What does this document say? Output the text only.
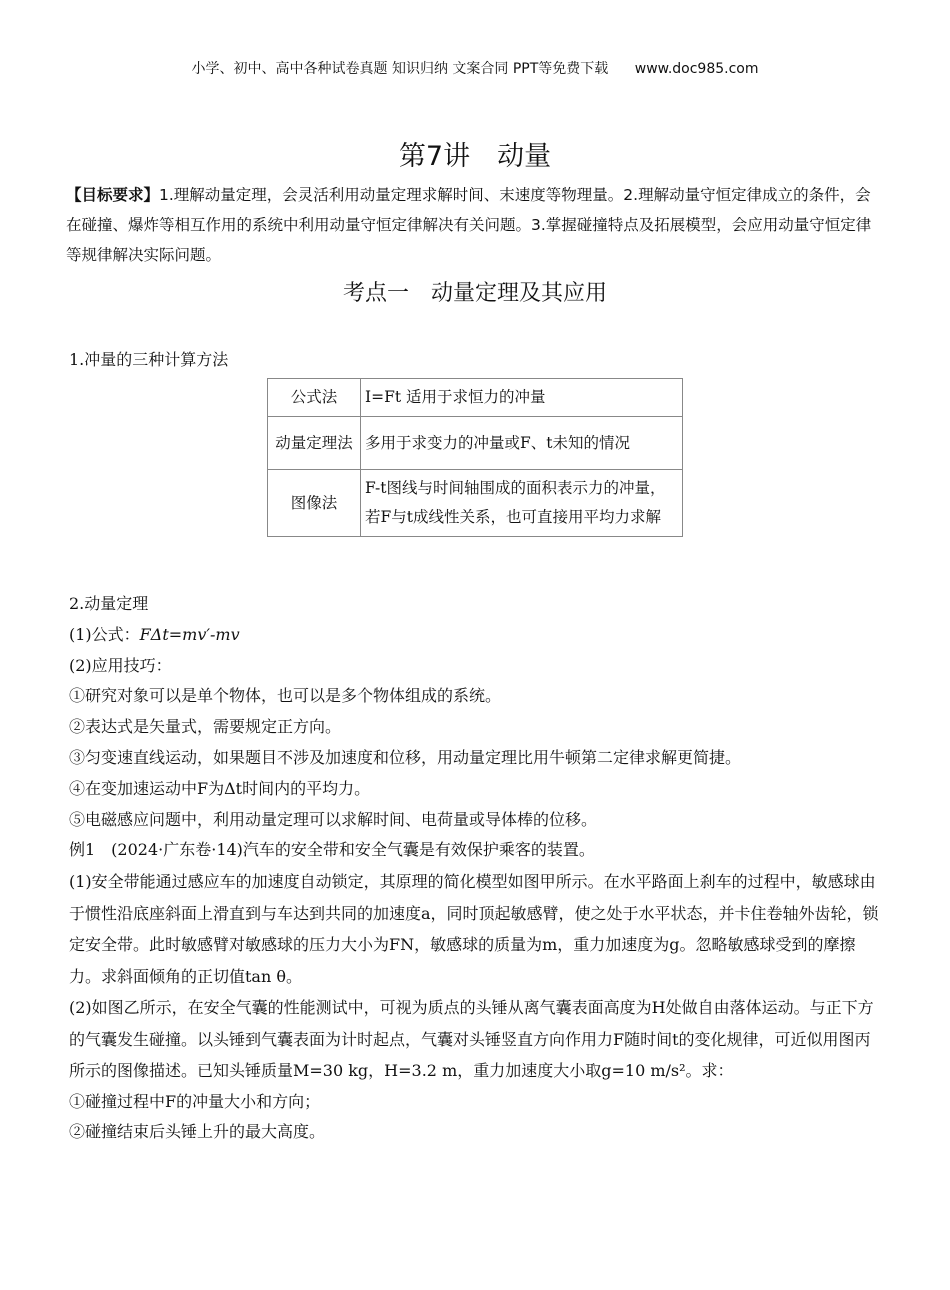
小学、初中、高中各种试卷真题 知识归纳 文案合同 PPT等免费下载 www.doc985.com
第7讲　动量
【目标要求】1.理解动量定理，会灵活利用动量定理求解时间、末速度等物理量。2.理解动量守恒定律成立的条件，会在碰撞、爆炸等相互作用的系统中利用动量守恒定律解决有关问题。3.掌握碰撞特点及拓展模型，会应用动量守恒定律等规律解决实际问题。
考点一　动量定理及其应用
1.冲量的三种计算方法
公式法	I=Ft 适用于求恒力的冲量
动量定理法	多用于求变力的冲量或F、t未知的情况
图像法	F-t图线与时间轴围成的面积表示力的冲量，若F与t成线性关系，也可直接用平均力求解

2.动量定理

(1)公式：FΔt=mv′-mv

(2)应用技巧：

①研究对象可以是单个物体，也可以是多个物体组成的系统。

②表达式是矢量式，需要规定正方向。

③匀变速直线运动，如果题目不涉及加速度和位移，用动量定理比用牛顿第二定律求解更简捷。

④在变加速运动中F为Δt时间内的平均力。

⑤电磁感应问题中，利用动量定理可以求解时间、电荷量或导体棒的位移。

例1　(2024·广东卷·14)汽车的安全带和安全气囊是有效保护乘客的装置。

(1)安全带能通过感应车的加速度自动锁定，其原理的简化模型如图甲所示。在水平路面上刹车的过程中，敏感球由于惯性沿底座斜面上滑直到与车达到共同的加速度a，同时顶起敏感臂，使之处于水平状态，并卡住卷轴外齿轮，锁定安全带。此时敏感臂对敏感球的压力大小为FN，敏感球的质量为m，重力加速度为g。忽略敏感球受到的摩擦力。求斜面倾角的正切值tan θ。

(2)如图乙所示，在安全气囊的性能测试中，可视为质点的头锤从离气囊表面高度为H处做自由落体运动。与正下方的气囊发生碰撞。以头锤到气囊表面为计时起点，气囊对头锤竖直方向作用力F随时间t的变化规律，可近似用图丙所示的图像描述。已知头锤质量M=30 kg，H=3.2 m，重力加速度大小取g=10 m/s²。求：

①碰撞过程中F的冲量大小和方向；

②碰撞结束后头锤上升的最大高度。
